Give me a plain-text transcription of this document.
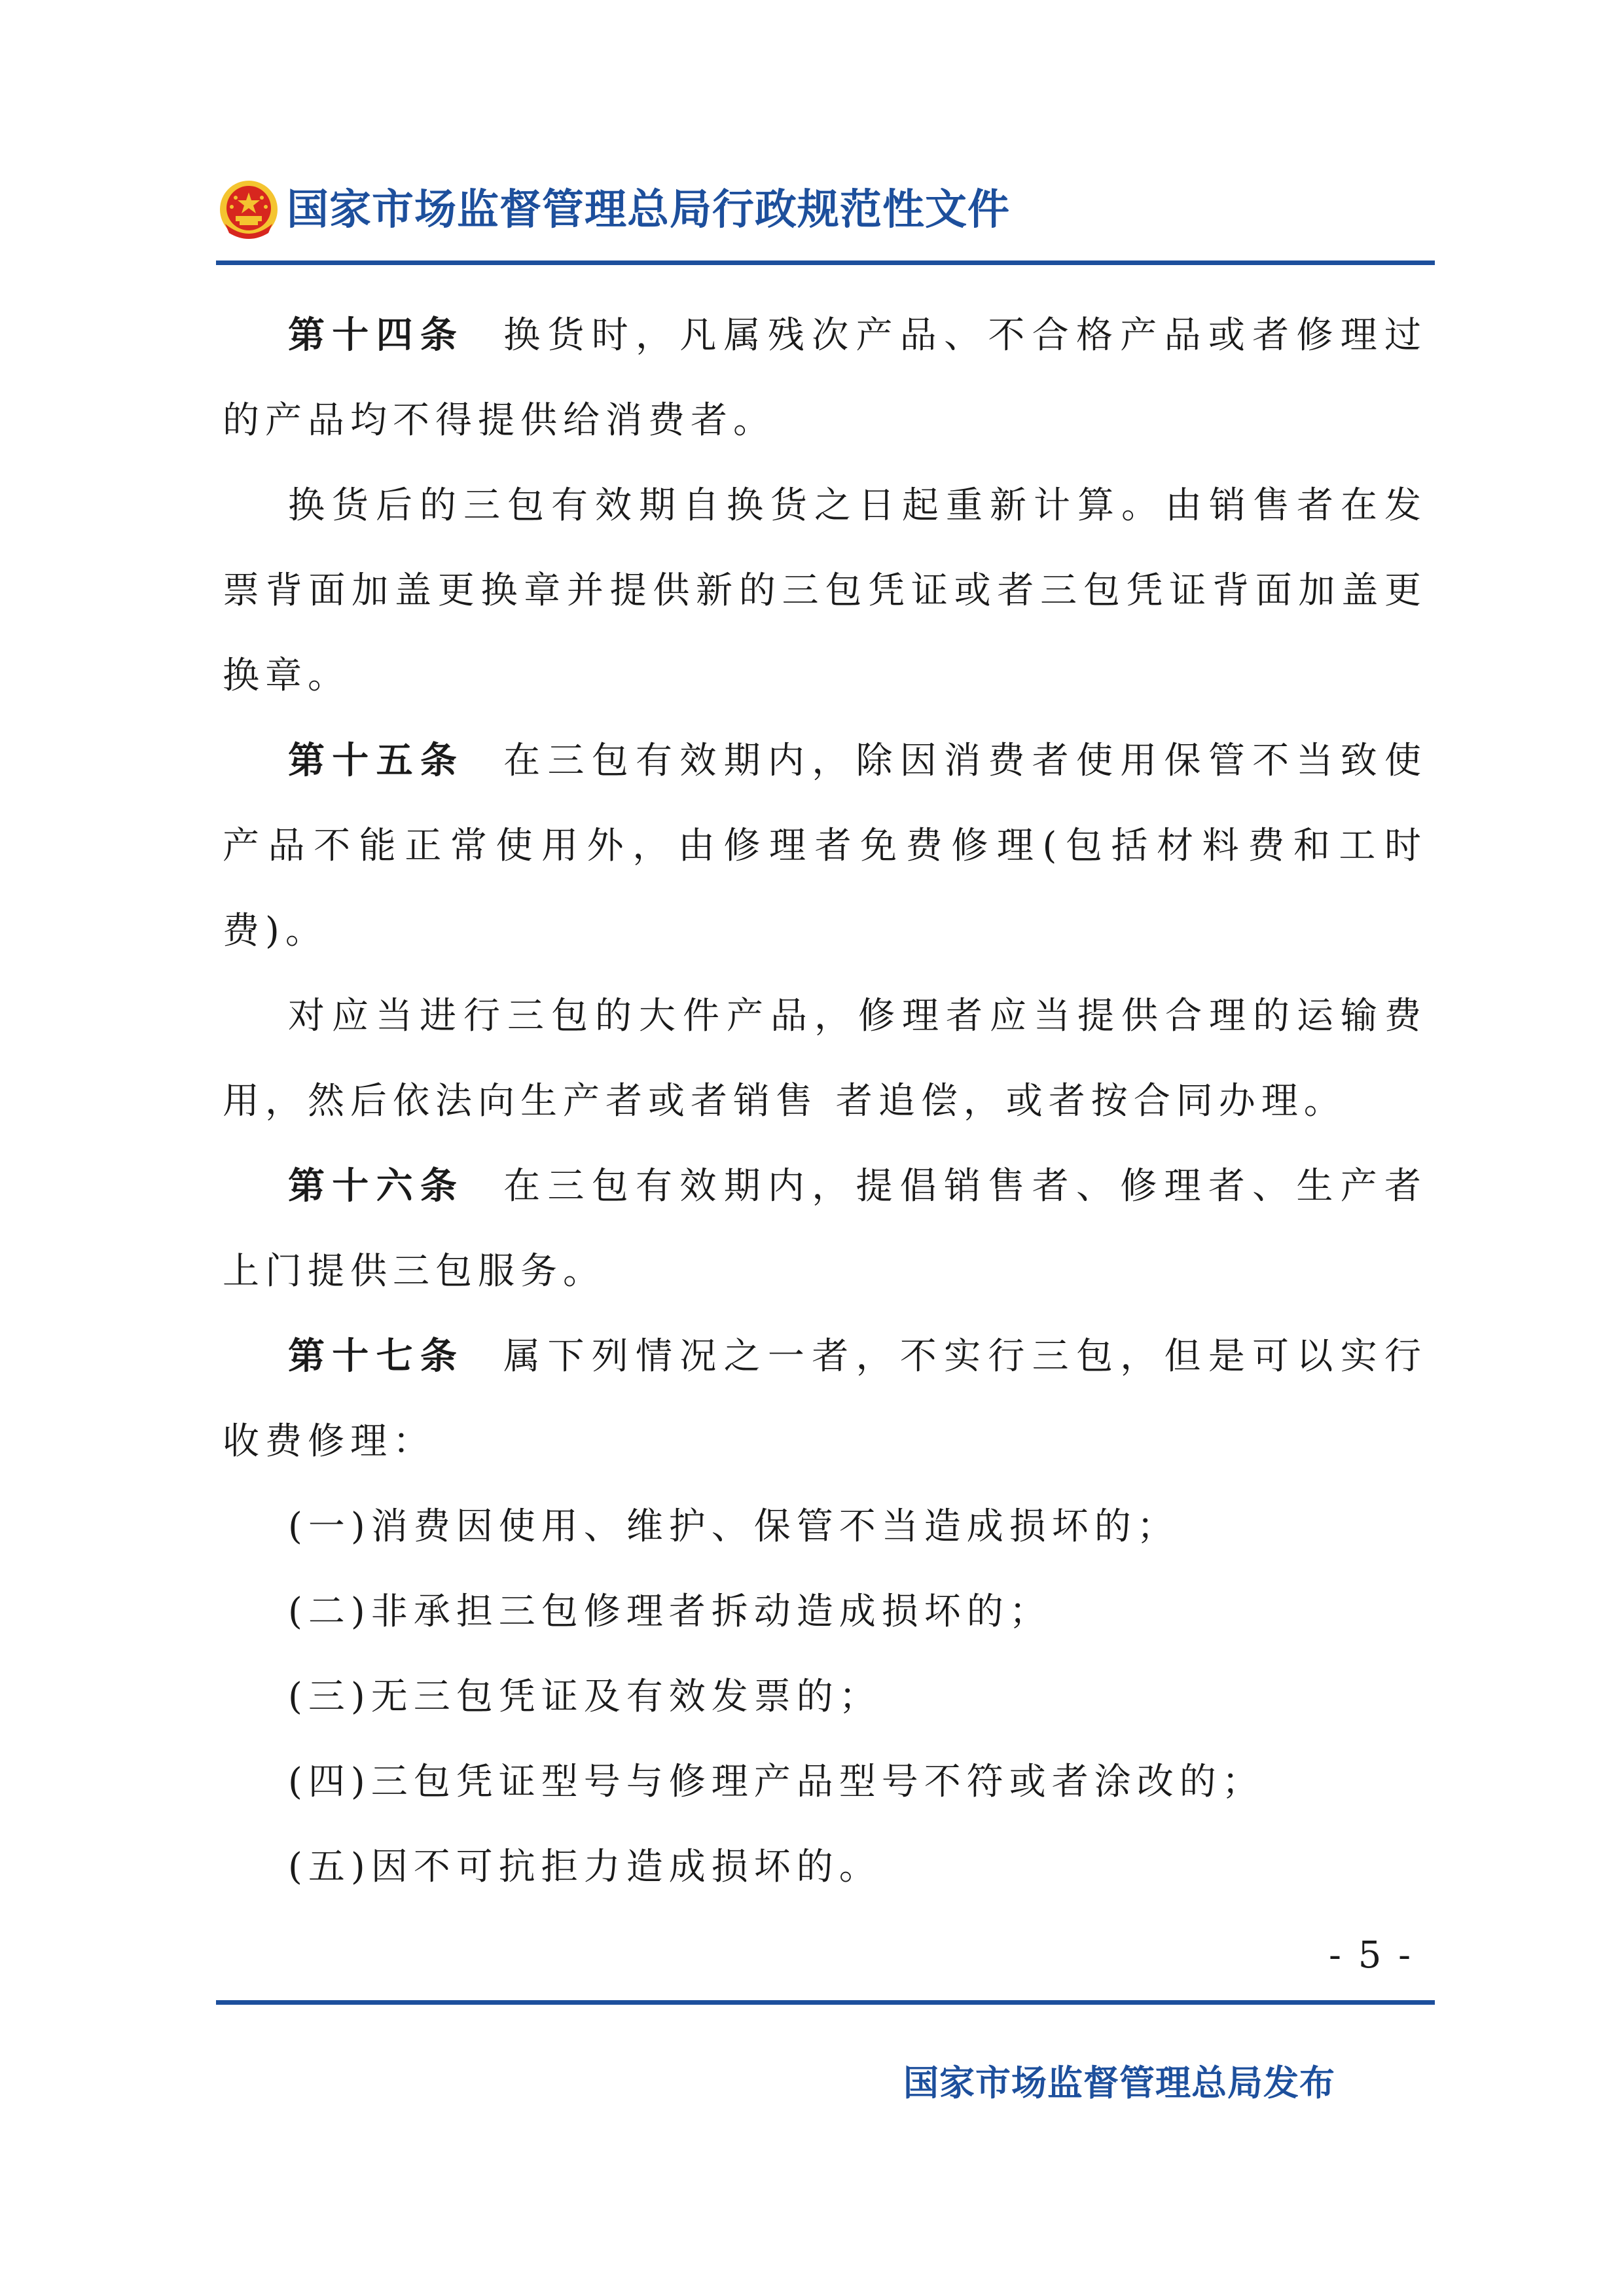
国家市场监督管理总局行政规范性文件

第十四条 换货时，凡属残次产品、不合格产品或者修理过的产品均不得提供给消费者。

换货后的三包有效期自换货之日起重新计算。由销售者在发票背面加盖更换章并提供新的三包凭证或者三包凭证背面加盖更换章。

第十五条 在三包有效期内，除因消费者使用保管不当致使产品不能正常使用外，由修理者免费修理(包括材料费和工时费)。

对应当进行三包的大件产品，修理者应当提供合理的运输费用，然后依法向生产者或者销售 者追偿，或者按合同办理。

第十六条 在三包有效期内，提倡销售者、修理者、生产者上门提供三包服务。

第十七条 属下列情况之一者，不实行三包，但是可以实行收费修理：

(一)消费因使用、维护、保管不当造成损坏的；

(二)非承担三包修理者拆动造成损坏的；

(三)无三包凭证及有效发票的；

(四)三包凭证型号与修理产品型号不符或者涂改的；

(五)因不可抗拒力造成损坏的。

- 5 -
国家市场监督管理总局发布
